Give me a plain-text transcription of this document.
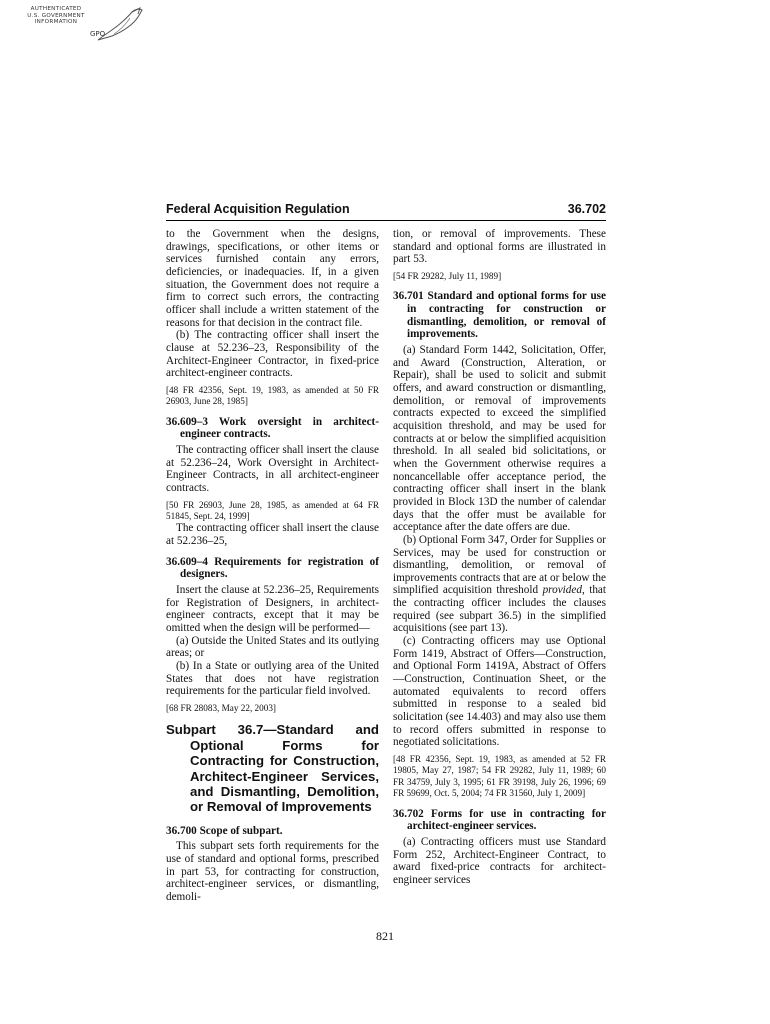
AUTHENTICATED
U.S. GOVERNMENT
INFORMATION
GPO
Federal Acquisition Regulation	36.702

to the Government when the designs, drawings, specifications, or other items or services furnished contain any errors, deficiencies, or inadequacies. If, in a given situation, the Government does not require a firm to correct such errors, the contracting officer shall include a written statement of the reasons for that decision in the contract file.

(b) The contracting officer shall insert the clause at 52.236–23, Responsibility of the Architect-Engineer Contractor, in fixed-price architect-engineer contracts.

[48 FR 42356, Sept. 19, 1983, as amended at 50 FR 26903, June 28, 1985]

36.609–3 Work oversight in architect-engineer contracts.

The contracting officer shall insert the clause at 52.236–24, Work Oversight in Architect-Engineer Contracts, in all architect-engineer contracts.

[50 FR 26903, June 28, 1985, as amended at 64 FR 51845, Sept. 24, 1999]

The contracting officer shall insert the clause at 52.236–25,

36.609–4 Requirements for registration of designers.

Insert the clause at 52.236–25, Requirements for Registration of Designers, in architect-engineer contracts, except that it may be omitted when the design will be performed—

(a) Outside the United States and its outlying areas; or

(b) In a State or outlying area of the United States that does not have registration requirements for the particular field involved.

[68 FR 28083, May 22, 2003]

Subpart 36.7—Standard and Optional Forms for Contracting for Construction, Architect-Engineer Services, and Dismantling, Demolition, or Removal of Improvements

36.700 Scope of subpart.

This subpart sets forth requirements for the use of standard and optional forms, prescribed in part 53, for contracting for construction, architect-engineer services, or dismantling, demoli-

tion, or removal of improvements. These standard and optional forms are illustrated in part 53.

[54 FR 29282, July 11, 1989]

36.701 Standard and optional forms for use in contracting for construction or dismantling, demolition, or removal of improvements.

(a) Standard Form 1442, Solicitation, Offer, and Award (Construction, Alteration, or Repair), shall be used to solicit and submit offers, and award construction or dismantling, demolition, or removal of improvements contracts expected to exceed the simplified acquisition threshold, and may be used for contracts at or below the simplified acquisition threshold. In all sealed bid solicitations, or when the Government otherwise requires a noncancellable offer acceptance period, the contracting officer shall insert in the blank provided in Block 13D the number of calendar days that the offer must be available for acceptance after the date offers are due.

(b) Optional Form 347, Order for Supplies or Services, may be used for construction or dismantling, demolition, or removal of improvements contracts that are at or below the simplified acquisition threshold provided, that the contracting officer includes the clauses required (see subpart 36.5) in the simplified acquisitions (see part 13).

(c) Contracting officers may use Optional Form 1419, Abstract of Offers—Construction, and Optional Form 1419A, Abstract of Offers—Construction, Continuation Sheet, or the automated equivalents to record offers submitted in response to a sealed bid solicitation (see 14.403) and may also use them to record offers submitted in response to negotiated solicitations.

[48 FR 42356, Sept. 19, 1983, as amended at 52 FR 19805, May 27, 1987; 54 FR 29282, July 11, 1989; 60 FR 34759, July 3, 1995; 61 FR 39198, July 26, 1996; 69 FR 59699, Oct. 5, 2004; 74 FR 31560, July 1, 2009]

36.702 Forms for use in contracting for architect-engineer services.

(a) Contracting officers must use Standard Form 252, Architect-Engineer Contract, to award fixed-price contracts for architect-engineer services

821
